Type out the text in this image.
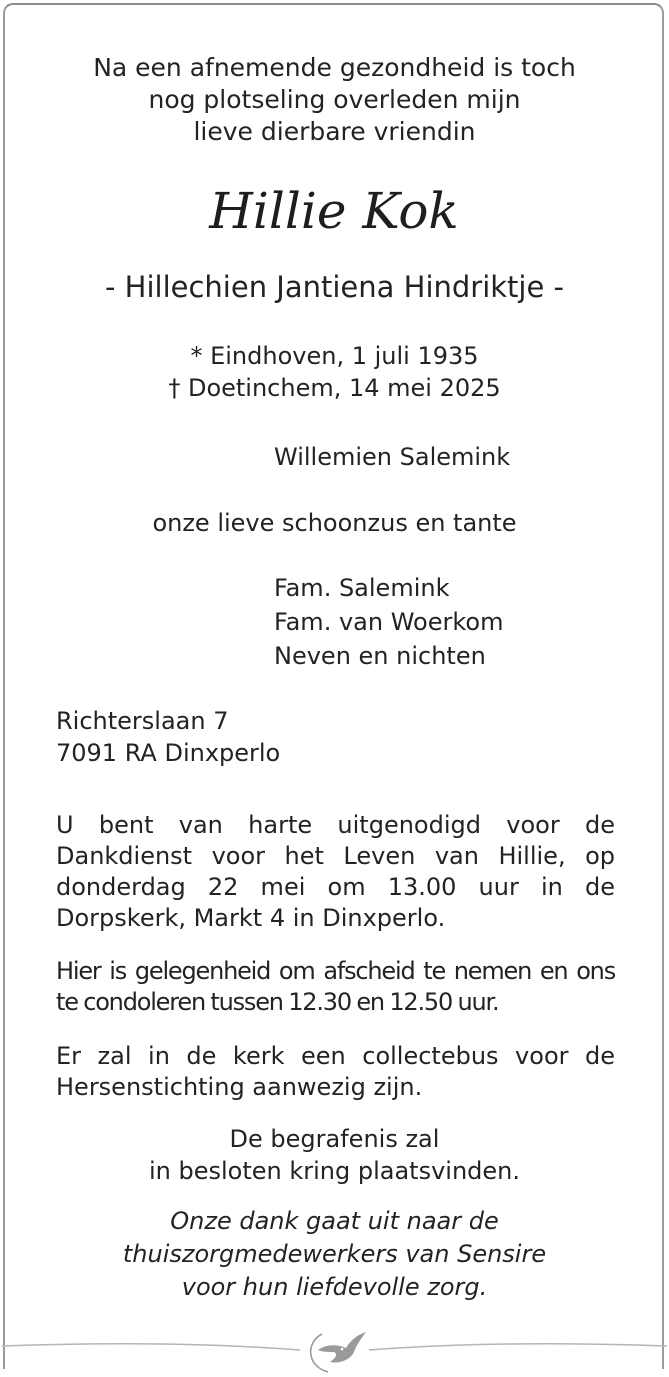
Na een afnemende gezondheid is toch
nog plotseling overleden mijn
lieve dierbare vriendin
Hillie Kok
- Hillechien Jantiena Hindriktje -
* Eindhoven, 1 juli 1935
† Doetinchem, 14 mei 2025
Willemien Salemink
onze lieve schoonzus en tante
Fam. Salemink
Fam. van Woerkom
Neven en nichten
Richterslaan 7
7091 RA Dinxperlo
U bent van harte uitgenodigd voor de Dankdienst voor het Leven van Hillie, op donderdag 22 mei om 13.00 uur in de Dorpskerk, Markt 4 in Dinxperlo.
Hier is gelegenheid om afscheid te nemen en ons te condoleren tussen 12.30 en 12.50 uur.
Er zal in de kerk een collectebus voor de Hersenstichting aanwezig zijn.
De begrafenis zal
in besloten kring plaatsvinden.
Onze dank gaat uit naar de
thuiszorgmedewerkers van Sensire
voor hun liefdevolle zorg.
